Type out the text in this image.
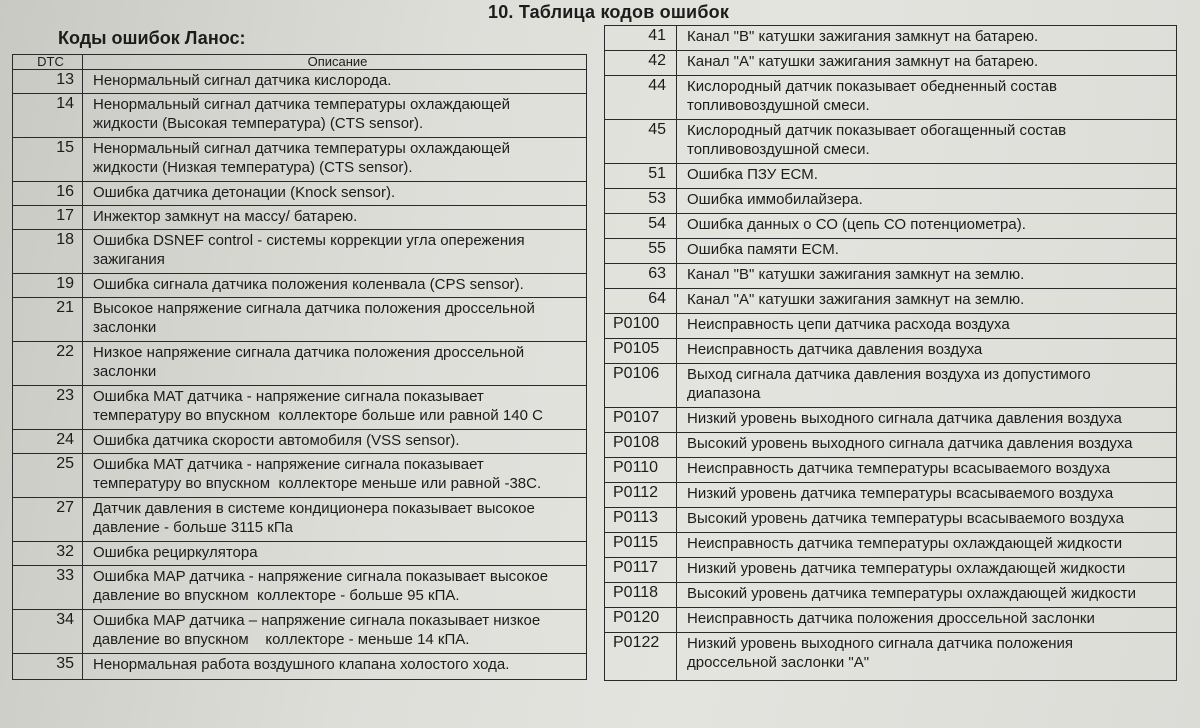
10. Таблица кодов ошибок
Коды ошибок Ланос:
DTC	Описание
13	Ненормальный сигнал датчика кислорода.

14	Ненормальный сигнал датчика температуры охлаждающей
жидкости (Высокая температура) (CTS sensor).

15	Ненормальный сигнал датчика температуры охлаждающей
жидкости (Низкая температура) (CTS sensor).

16	Ошибка датчика детонации (Knock sensor).

17	Инжектор замкнут на массу/ батарею.

18	Ошибка DSNEF control - системы коррекции угла опережения
зажигания

19	Ошибка сигнала датчика положения коленвала (CPS sensor).

21	Высокое напряжение сигнала датчика положения дроссельной
заслонки

22	Низкое напряжение сигнала датчика положения дроссельной
заслонки

23	Ошибка MAT датчика - напряжение сигнала показывает
температуру во впускном  коллекторе больше или равной 140 С

24	Ошибка датчика скорости автомобиля (VSS sensor).

25	Ошибка MAT датчика - напряжение сигнала показывает
температуру во впускном  коллекторе меньше или равной -38С.

27	Датчик давления в системе кондиционера показывает высокое
давление - больше 3115 кПа

32	Ошибка рециркулятора

33	Ошибка MAP датчика - напряжение сигнала показывает высокое
давление во впускном  коллекторе - больше 95 кПА.

34	Ошибка MAP датчика – напряжение сигнала показывает низкое
давление во впускном    коллекторе - меньше 14 кПА.

35	Ненормальная работа воздушного клапана холостого хода.
41	Канал "В" катушки зажигания замкнут на батарею.

42	Канал "А" катушки зажигания замкнут на батарею.

44	Кислородный датчик показывает обедненный состав
топливовоздушной смеси.

45	Кислородный датчик показывает обогащенный состав
топливовоздушной смеси.

51	Ошибка ПЗУ ECM.

53	Ошибка иммобилайзера.

54	Ошибка данных о СО (цепь СО потенциометра).

55	Ошибка памяти ECM.

63	Канал "В" катушки зажигания замкнут на землю.

64	Канал "А" катушки зажигания замкнут на землю.

P0100	Неисправность цепи датчика расхода воздуха

P0105	Неисправность датчика давления воздуха

P0106	Выход сигнала датчика давления воздуха из допустимого
диапазона

P0107	Низкий уровень выходного сигнала датчика давления воздуха

P0108	Высокий уровень выходного сигнала датчика давления воздуха

P0110	Неисправность датчика температуры всасываемого воздуха

P0112	Низкий уровень датчика температуры всасываемого воздуха

P0113	Высокий уровень датчика температуры всасываемого воздуха

P0115	Неисправность датчика температуры охлаждающей жидкости

P0117	Низкий уровень датчика температуры охлаждающей жидкости

P0118	Высокий уровень датчика температуры охлаждающей жидкости

P0120	Неисправность датчика положения дроссельной заслонки

P0122	Низкий уровень выходного сигнала датчика положения
дроссельной заслонки "А"
